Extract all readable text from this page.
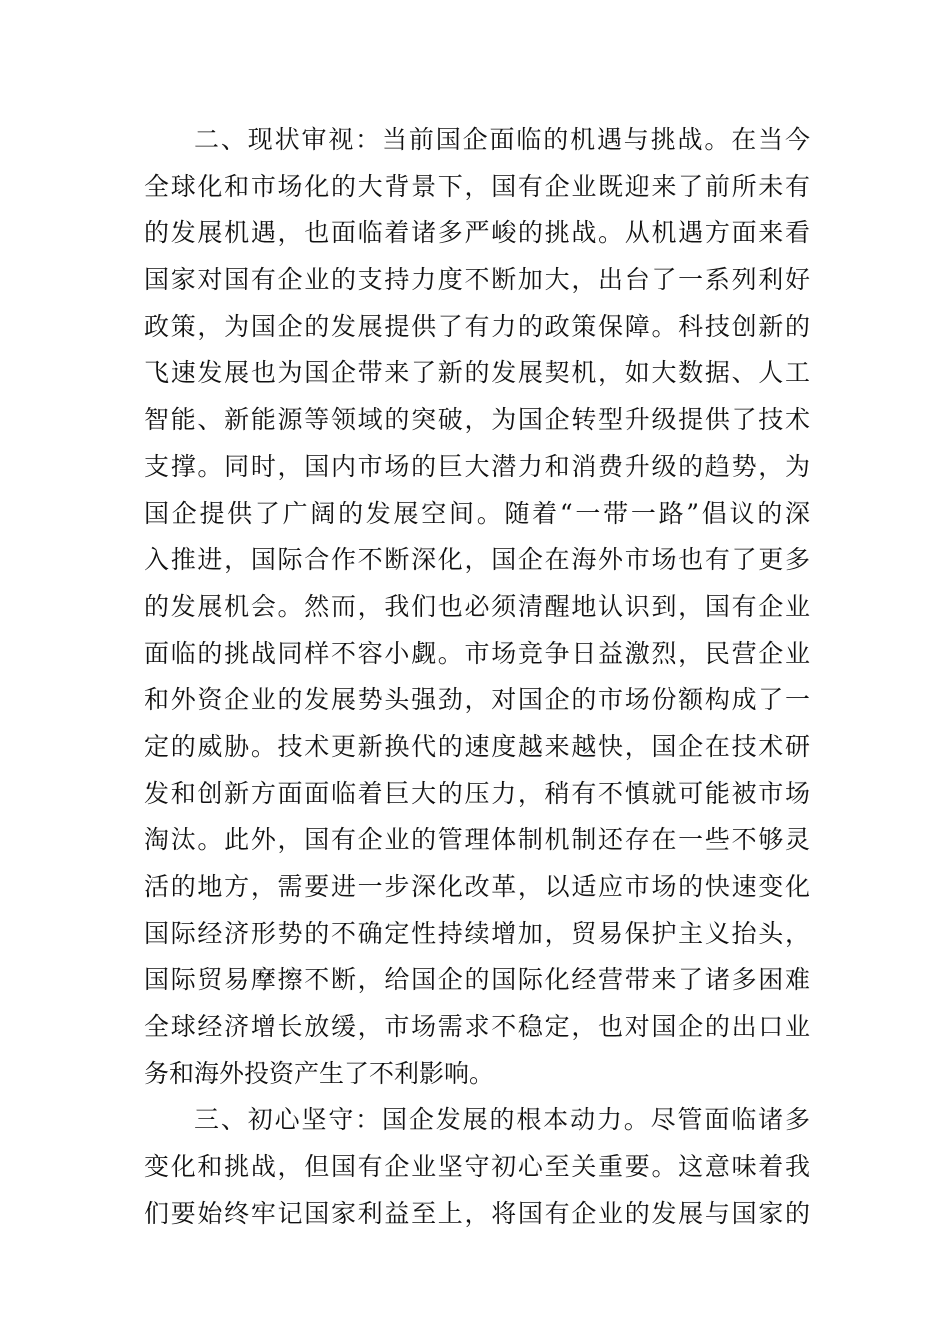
二、现状审视：当前国企面临的机遇与挑战。在当今
全球化和市场化的大背景下，国有企业既迎来了前所未有
的发展机遇，也面临着诸多严峻的挑战。从机遇方面来看
国家对国有企业的支持力度不断加大，出台了一系列利好
政策，为国企的发展提供了有力的政策保障。科技创新的
飞速发展也为国企带来了新的发展契机，如大数据、人工
智能、新能源等领域的突破，为国企转型升级提供了技术
支撑。同时，国内市场的巨大潜力和消费升级的趋势，为
国企提供了广阔的发展空间。随着“一带一路”倡议的深
入推进，国际合作不断深化，国企在海外市场也有了更多
的发展机会。然而，我们也必须清醒地认识到，国有企业
面临的挑战同样不容小觑。市场竞争日益激烈，民营企业
和外资企业的发展势头强劲，对国企的市场份额构成了一
定的威胁。技术更新换代的速度越来越快，国企在技术研
发和创新方面面临着巨大的压力，稍有不慎就可能被市场
淘汰。此外，国有企业的管理体制机制还存在一些不够灵
活的地方，需要进一步深化改革，以适应市场的快速变化
国际经济形势的不确定性持续增加，贸易保护主义抬头，
国际贸易摩擦不断，给国企的国际化经营带来了诸多困难
全球经济增长放缓，市场需求不稳定，也对国企的出口业
务和海外投资产生了不利影响。
三、初心坚守：国企发展的根本动力。尽管面临诸多
变化和挑战，但国有企业坚守初心至关重要。这意味着我
们要始终牢记国家利益至上，将国有企业的发展与国家的
